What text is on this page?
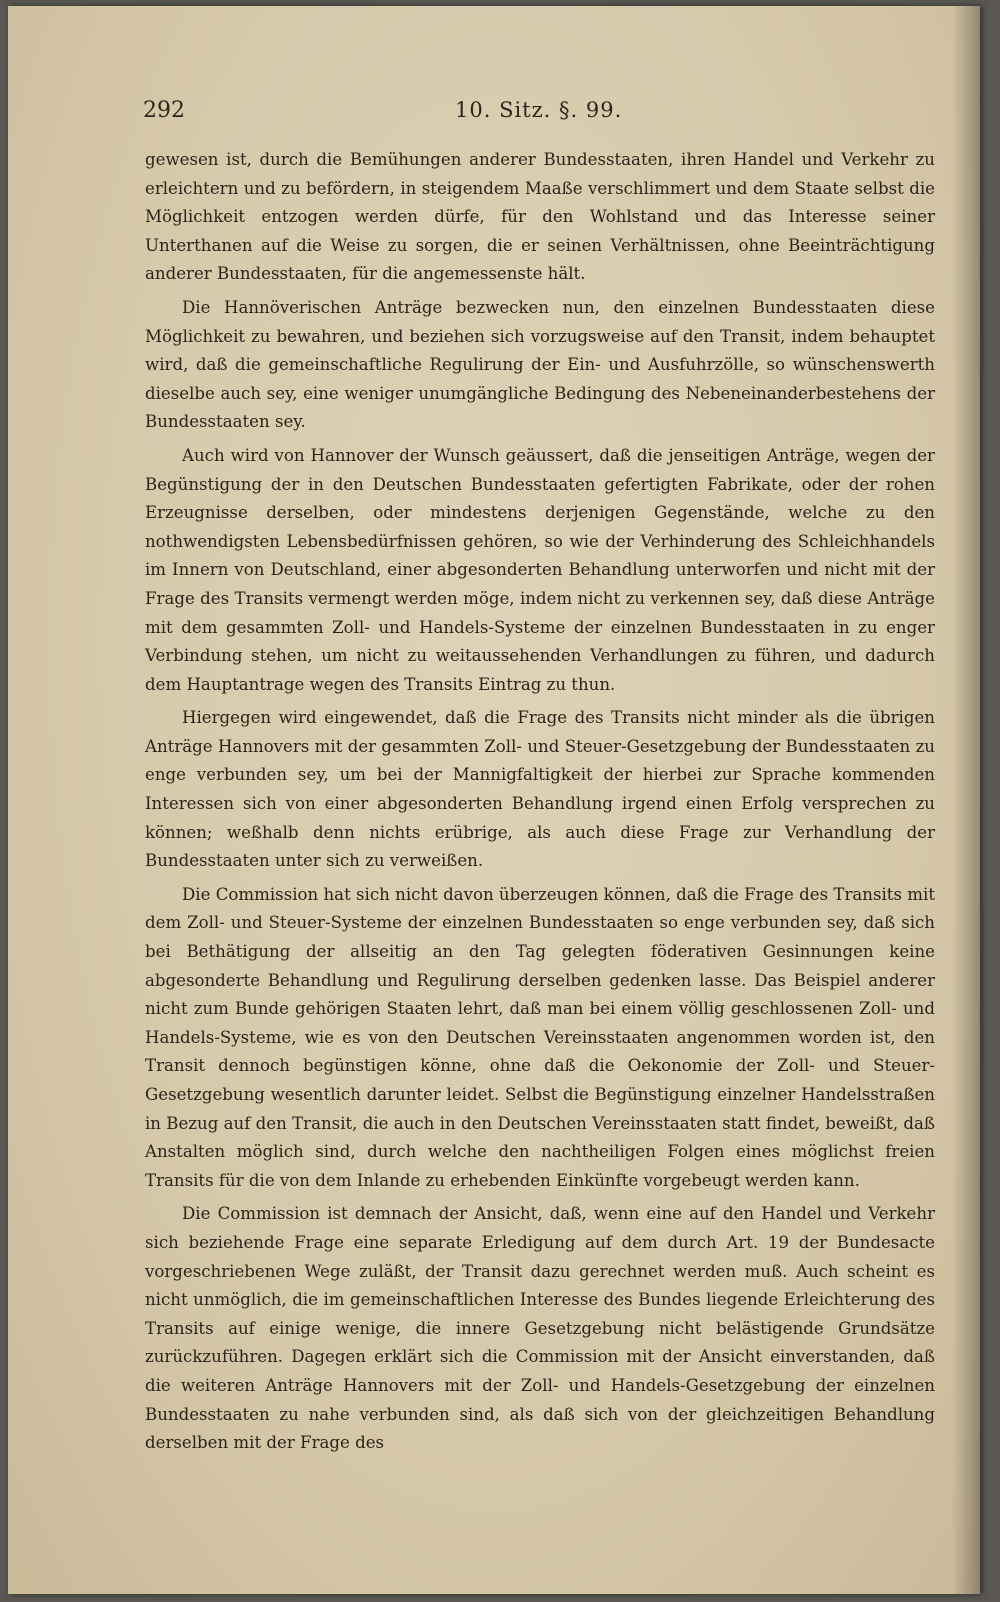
292	10. Sitz. §. 99.

gewesen ist, durch die Bemühungen anderer Bundesstaaten, ihren Handel und Verkehr zu erleichtern und zu befördern, in steigendem Maaße verschlimmert und dem Staate selbst die Möglichkeit entzogen werden dürfe, für den Wohlstand und das Interesse seiner Unterthanen auf die Weise zu sorgen, die er seinen Verhältnissen, ohne Beeinträchtigung anderer Bundesstaaten, für die angemessenste hält.

Die Hannöverischen Anträge bezwecken nun, den einzelnen Bundesstaaten diese Möglichkeit zu bewahren, und beziehen sich vorzugsweise auf den Transit, indem behauptet wird, daß die gemeinschaftliche Regulirung der Ein- und Ausfuhrzölle, so wünschenswerth dieselbe auch sey, eine weniger unumgängliche Bedingung des Nebeneinanderbestehens der Bundesstaaten sey.

Auch wird von Hannover der Wunsch geäussert, daß die jenseitigen Anträge, wegen der Begünstigung der in den Deutschen Bundesstaaten gefertigten Fabrikate, oder der rohen Erzeugnisse derselben, oder mindestens derjenigen Gegenstände, welche zu den nothwendigsten Lebensbedürfnissen gehören, so wie der Verhinderung des Schleichhandels im Innern von Deutschland, einer abgesonderten Behandlung unterworfen und nicht mit der Frage des Transits vermengt werden möge, indem nicht zu verkennen sey, daß diese Anträge mit dem gesammten Zoll- und Handels-Systeme der einzelnen Bundesstaaten in zu enger Verbindung stehen, um nicht zu weitaussehenden Verhandlungen zu führen, und dadurch dem Hauptantrage wegen des Transits Eintrag zu thun.

Hiergegen wird eingewendet, daß die Frage des Transits nicht minder als die übrigen Anträge Hannovers mit der gesammten Zoll- und Steuer-Gesetzgebung der Bundesstaaten zu enge verbunden sey, um bei der Mannigfaltigkeit der hierbei zur Sprache kommenden Interessen sich von einer abgesonderten Behandlung irgend einen Erfolg versprechen zu können; weßhalb denn nichts erübrige, als auch diese Frage zur Verhandlung der Bundesstaaten unter sich zu verweißen.

Die Commission hat sich nicht davon überzeugen können, daß die Frage des Transits mit dem Zoll- und Steuer-Systeme der einzelnen Bundesstaaten so enge verbunden sey, daß sich bei Bethätigung der allseitig an den Tag gelegten föderativen Gesinnungen keine abgesonderte Behandlung und Regulirung derselben gedenken lasse. Das Beispiel anderer nicht zum Bunde gehörigen Staaten lehrt, daß man bei einem völlig geschlossenen Zoll- und Handels-Systeme, wie es von den Deutschen Vereinsstaaten angenommen worden ist, den Transit dennoch begünstigen könne, ohne daß die Oekonomie der Zoll- und Steuer-Gesetzgebung wesentlich darunter leidet. Selbst die Begünstigung einzelner Handelsstraßen in Bezug auf den Transit, die auch in den Deutschen Vereinsstaaten statt findet, beweißt, daß Anstalten möglich sind, durch welche den nachtheiligen Folgen eines möglichst freien Transits für die von dem Inlande zu erhebenden Einkünfte vorgebeugt werden kann.

Die Commission ist demnach der Ansicht, daß, wenn eine auf den Handel und Verkehr sich beziehende Frage eine separate Erledigung auf dem durch Art. 19 der Bundesacte vorgeschriebenen Wege zuläßt, der Transit dazu gerechnet werden muß. Auch scheint es nicht unmöglich, die im gemeinschaftlichen Interesse des Bundes liegende Erleichterung des Transits auf einige wenige, die innere Gesetzgebung nicht belästigende Grundsätze zurückzuführen. Dagegen erklärt sich die Commission mit der Ansicht einverstanden, daß die weiteren Anträge Hannovers mit der Zoll- und Handels-Gesetzgebung der einzelnen Bundesstaaten zu nahe verbunden sind, als daß sich von der gleichzeitigen Behandlung derselben mit der Frage des
